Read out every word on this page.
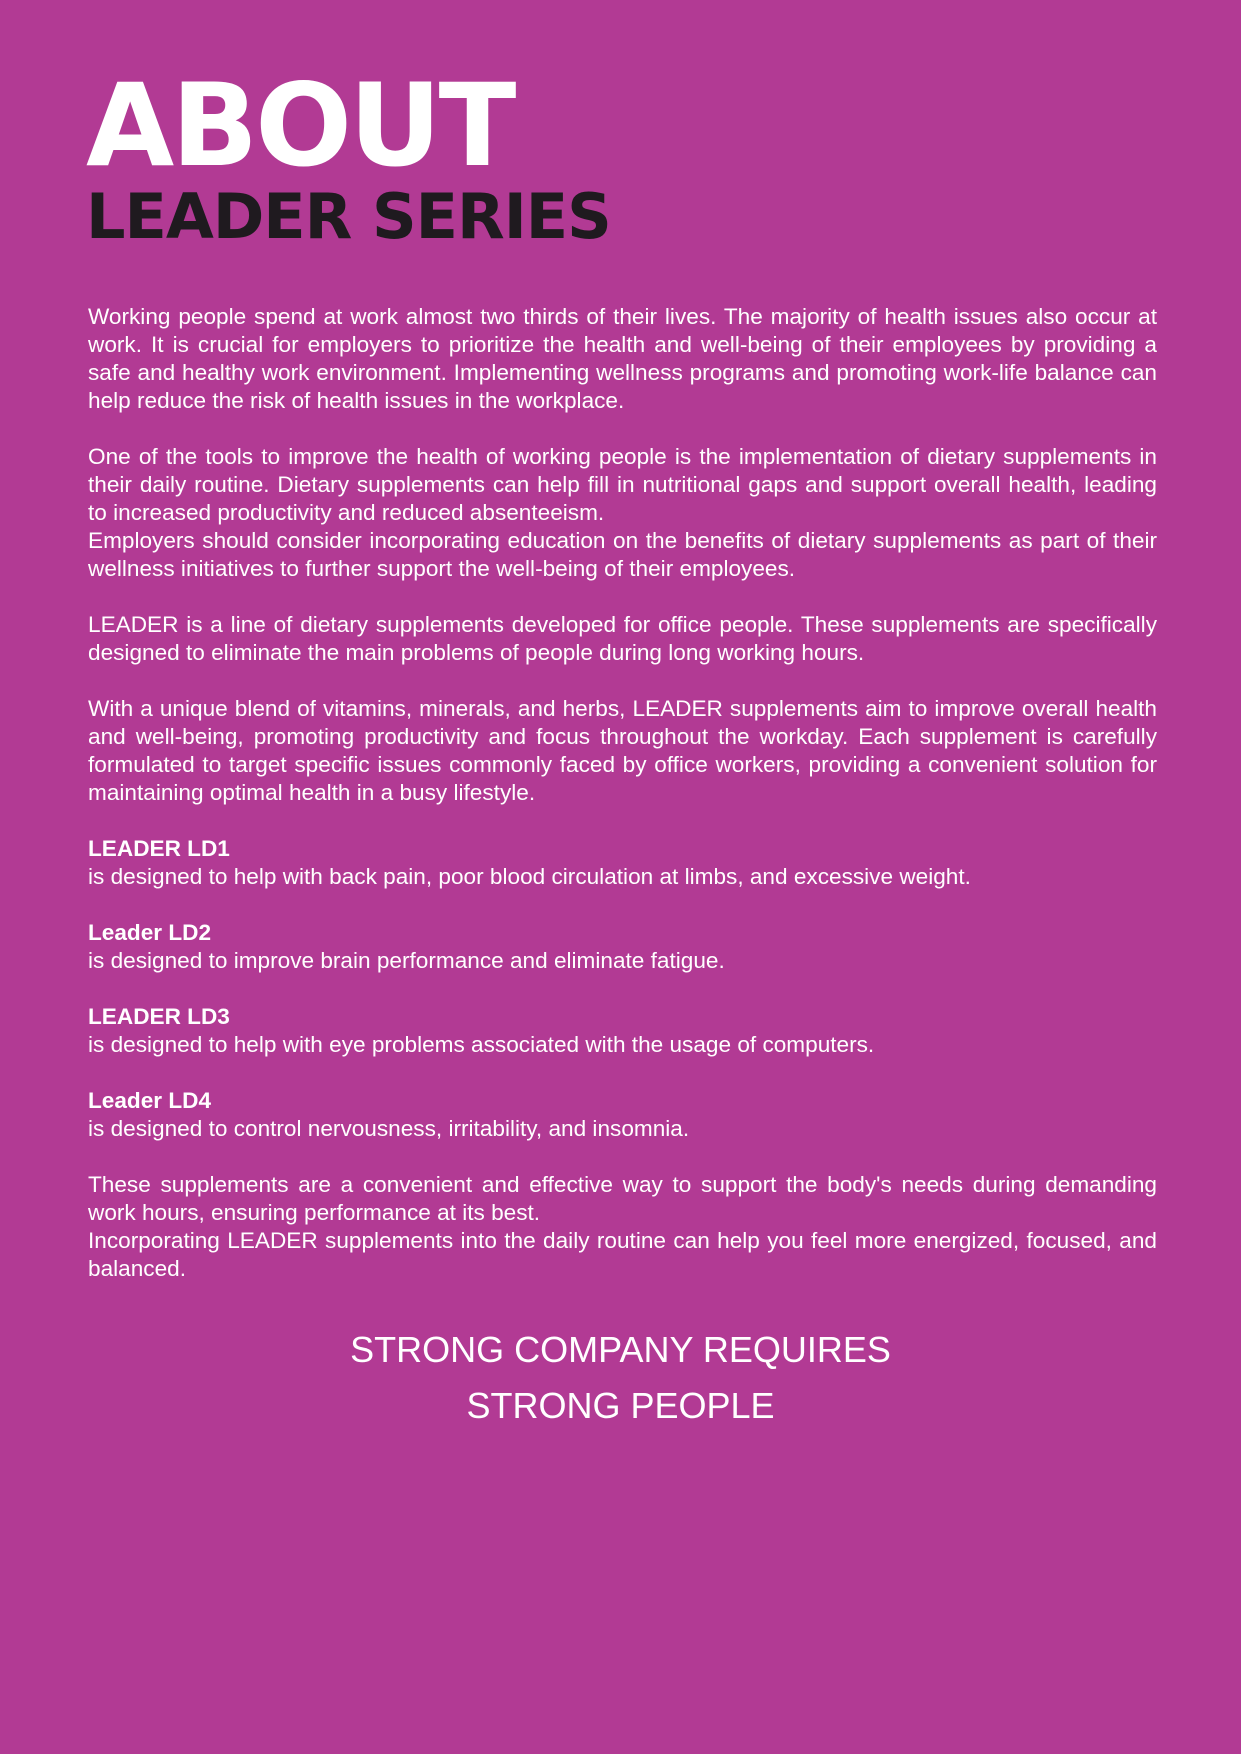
ABOUT
LEADER SERIES

Working people spend at work almost two thirds of their lives. The majority of health issues also occur at work. It is crucial for employers to prioritize the health and well-being of their employees by providing a safe and healthy work environment. Implementing wellness programs and promoting work-life balance can help reduce the risk of health issues in the workplace.

One of the tools to improve the health of working people is the implementation of dietary supplements in their daily routine. Dietary supplements can help fill in nutritional gaps and support overall health, leading to increased productivity and reduced absenteeism.

Employers should consider incorporating education on the benefits of dietary supplements as part of their wellness initiatives to further support the well-being of their employees.

LEADER is a line of dietary supplements developed for office people. These supplements are specifically designed to eliminate the main problems of people during long working hours.

With a unique blend of vitamins, minerals, and herbs, LEADER supplements aim to improve overall health and well-being, promoting productivity and focus throughout the workday. Each supplement is carefully formulated to target specific issues commonly faced by office workers, providing a convenient solution for maintaining optimal health in a busy lifestyle.

LEADER LD1
is designed to help with back pain, poor blood circulation at limbs, and excessive weight.
Leader LD2
is designed to improve brain performance and eliminate fatigue.
LEADER LD3
is designed to help with eye problems associated with the usage of computers.
Leader LD4
is designed to control nervousness, irritability, and insomnia.

These supplements are a convenient and effective way to support the body's needs during demanding work hours, ensuring performance at its best.

Incorporating LEADER supplements into the daily routine can help you feel more energized, focused, and balanced.

STRONG COMPANY REQUIRES
STRONG PEOPLE
